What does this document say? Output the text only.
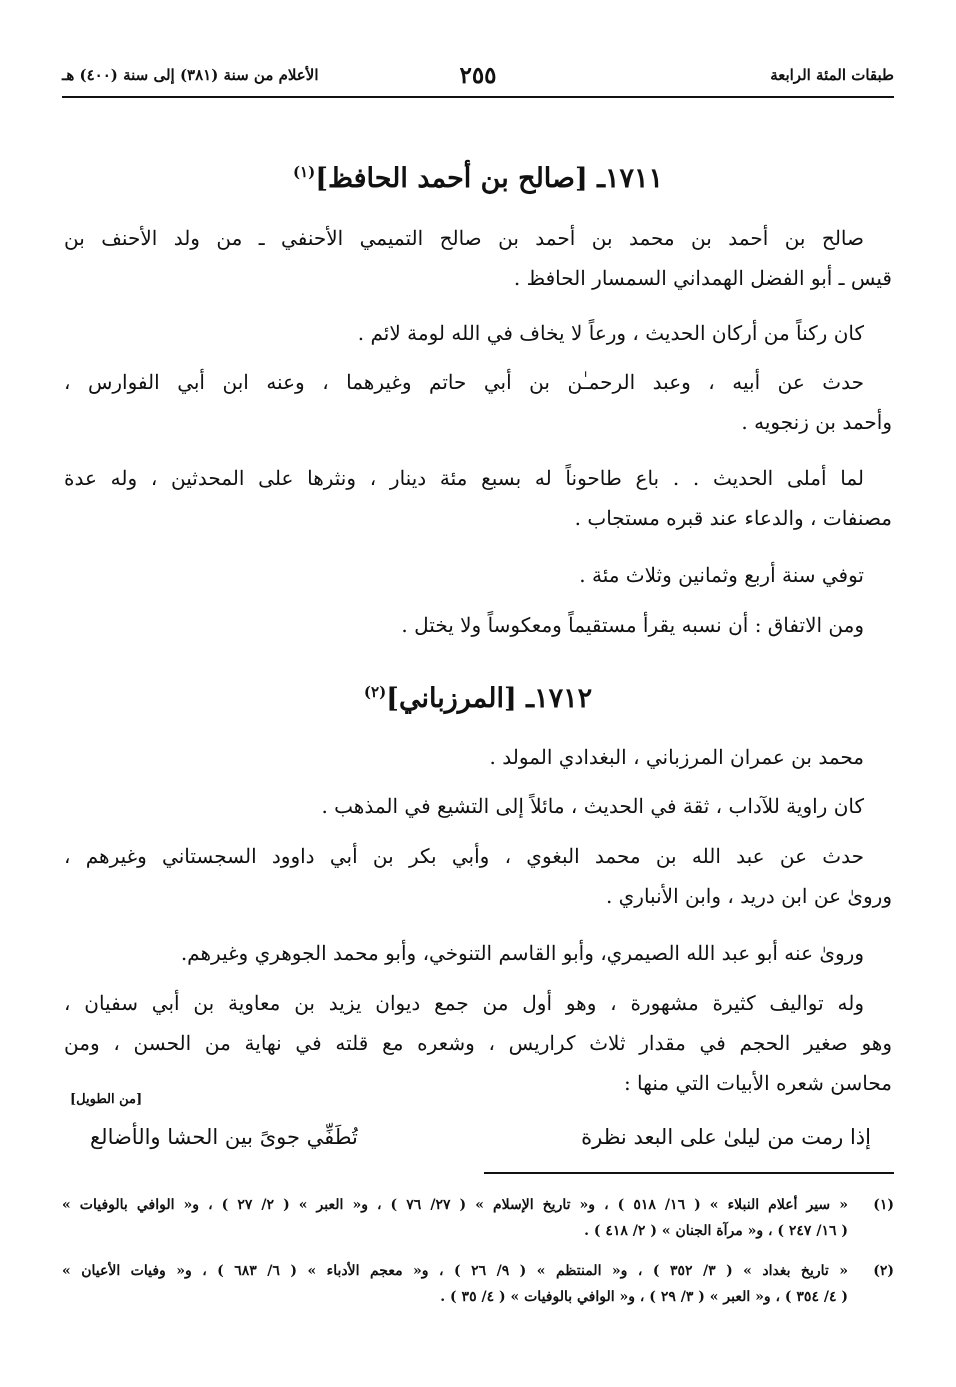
طبقات المئة الرابعة
٢٥٥
الأعلام من سنة (٣٨١) إلى سنة (٤٠٠) هـ
١٧١١ـ [صالح بن أحمد الحافظ]$^{(١)}$

صالح بن أحمد بن محمد بن أحمد بن صالح التميمي الأحنفي ـ من ولد الأحنف بن

قيس ـ أبو الفضل الهمداني السمسار الحافظ .

كان ركناً من أركان الحديث ، ورعاً لا يخاف في الله لومة لائم .

حدث عن أبيه ، وعبد الرحمـٰن بن أبي حاتم وغيرهما ، وعنه ابن أبي الفوارس ،

وأحمد بن زنجويه .

لما أملى الحديث . . باع طاحوناً له بسبع مئة دينار ، ونثرها على المحدثين ، وله عدة

مصنفات ، والدعاء عند قبره مستجاب .

توفي سنة أربع وثمانين وثلاث مئة .

ومن الاتفاق : أن نسبه يقرأ مستقيماً ومعكوساً ولا يختل .

١٧١٢ـ [المرزباني]$^{(٢)}$

محمد بن عمران المرزباني ، البغدادي المولد .

كان راوية للآداب ، ثقة في الحديث ، مائلاً إلى التشيع في المذهب .

حدث عن عبد الله بن محمد البغوي ، وأبي بكر بن أبي داوود السجستاني وغيرهم ،

وروىٰ عن ابن دريد ، وابن الأنباري .

وروىٰ عنه أبو عبد الله الصيمري، وأبو القاسم التنوخي، وأبو محمد الجوهري وغيرهم.

وله تواليف كثيرة مشهورة ، وهو أول من جمع ديوان يزيد بن معاوية بن أبي سفيان ،

وهو صغير الحجم في مقدار ثلاث كراريس ، وشعره مع قلته في نهاية من الحسن ، ومن

محاسن شعره الأبيات التي منها :

[من الطويل]
إذا رمت من ليلىٰ على البعد نظرة
تُطَفِّي جوىً بين الحشا والأضالع
(١)
« سير أعلام النبلاء » ( ١٦/ ٥١٨ ) ، و« تاريخ الإسلام » ( ٢٧/ ٧٦ ) ، و« العبر » ( ٢/ ٢٧ ) ، و« الوافي بالوفيات »
( ١٦/ ٢٤٧ ) ، و« مرآة الجنان » ( ٢/ ٤١٨ ) .
(٢)
« تاريخ بغداد » ( ٣/ ٣٥٢ ) ، و« المنتظم » ( ٩/ ٢٦ ) ، و« معجم الأدباء » ( ٦/ ٦٨٣ ) ، و« وفيات الأعيان »
( ٤/ ٣٥٤ ) ، و« العبر » ( ٣/ ٢٩ ) ، و« الوافي بالوفيات » ( ٤/ ٣٥ ) .
